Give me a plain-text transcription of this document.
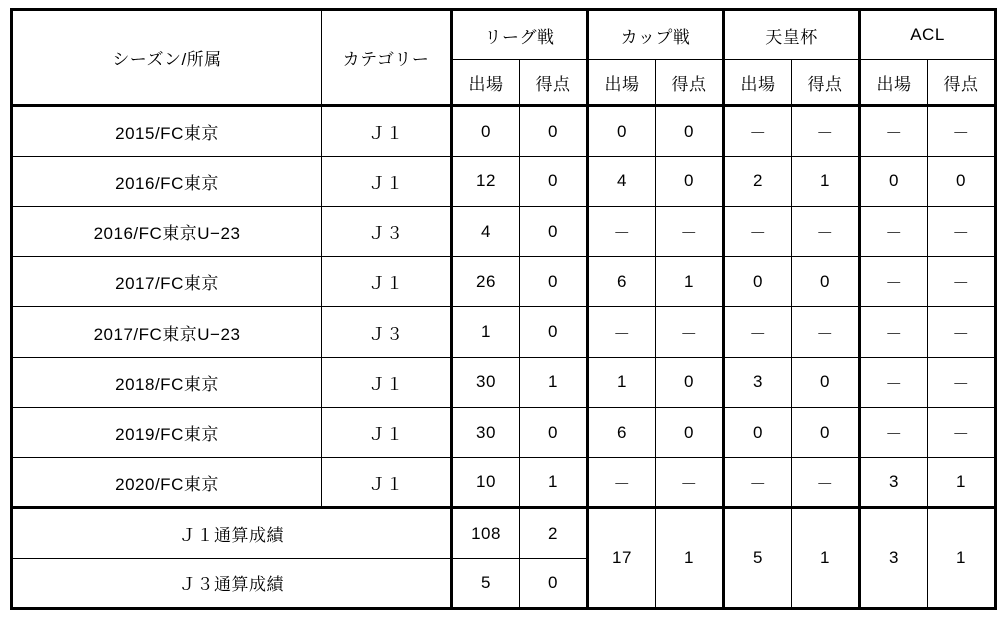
シーズン/所属	カテゴリー	リーグ戦		カップ戦		天皇杯		ACL	
		出場	得点	出場	得点	出場	得点	出場	得点
2015/FC東京	Ｊ１	0	0	0	0	－	－	－	－
2016/FC東京	Ｊ１	12	0	4	0	2	1	0	0
2016/FC東京U−23	Ｊ３	4	0	－	－	－	－	－	－
2017/FC東京	Ｊ１	26	0	6	1	0	0	－	－
2017/FC東京U−23	Ｊ３	1	0	－	－	－	－	－	－
2018/FC東京	Ｊ１	30	1	1	0	3	0	－	－
2019/FC東京	Ｊ１	30	0	6	0	0	0	－	－
2020/FC東京	Ｊ１	10	1	－	－	－	－	3	1
Ｊ１通算成績		108	2	17	1	5	1	3	1
Ｊ３通算成績		5	0						
